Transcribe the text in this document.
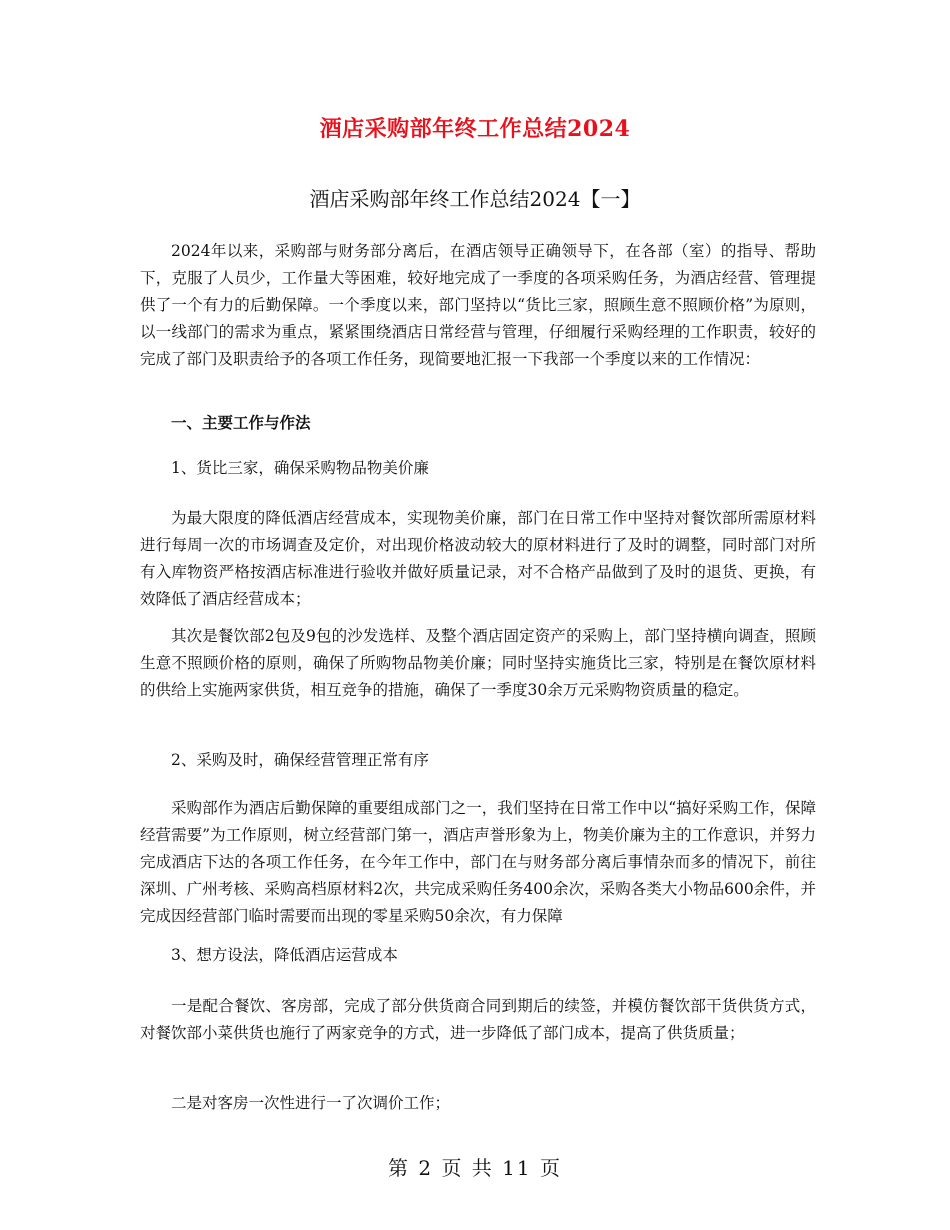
酒店采购部年终工作总结2024
酒店采购部年终工作总结2024【一】
2024年以来，采购部与财务部分离后，在酒店领导正确领导下，在各部（室）的指导、帮助下，克服了人员少，工作量大等困难，较好地完成了一季度的各项采购任务，为酒店经营、管理提供了一个有力的后勤保障。一个季度以来，部门坚持以“货比三家，照顾生意不照顾价格”为原则，以一线部门的需求为重点，紧紧围绕酒店日常经营与管理，仔细履行采购经理的工作职责，较好的完成了部门及职责给予的各项工作任务，现简要地汇报一下我部一个季度以来的工作情况：
一、主要工作与作法
1、货比三家，确保采购物品物美价廉
为最大限度的降低酒店经营成本，实现物美价廉，部门在日常工作中坚持对餐饮部所需原材料进行每周一次的市场调查及定价，对出现价格波动较大的原材料进行了及时的调整，同时部门对所有入库物资严格按酒店标准进行验收并做好质量记录，对不合格产品做到了及时的退货、更换，有效降低了酒店经营成本；
其次是餐饮部2包及9包的沙发选样、及整个酒店固定资产的采购上，部门坚持横向调查，照顾生意不照顾价格的原则，确保了所购物品物美价廉；同时坚持实施货比三家，特别是在餐饮原材料的供给上实施两家供货，相互竞争的措施，确保了一季度30余万元采购物资质量的稳定。
2、采购及时，确保经营管理正常有序
采购部作为酒店后勤保障的重要组成部门之一，我们坚持在日常工作中以“搞好采购工作，保障经营需要”为工作原则，树立经营部门第一，酒店声誉形象为上，物美价廉为主的工作意识，并努力完成酒店下达的各项工作任务，在今年工作中，部门在与财务部分离后事情杂而多的情况下，前往深圳、广州考核、采购高档原材料2次，共完成采购任务400余次，采购各类大小物品600余件，并完成因经营部门临时需要而出现的零星采购50余次，有力保障
3、想方设法，降低酒店运营成本
一是配合餐饮、客房部，完成了部分供货商合同到期后的续签，并模仿餐饮部干货供货方式，对餐饮部小菜供货也施行了两家竞争的方式，进一步降低了部门成本，提高了供货质量；
二是对客房一次性进行一了次调价工作；
第 2 页 共 11 页
